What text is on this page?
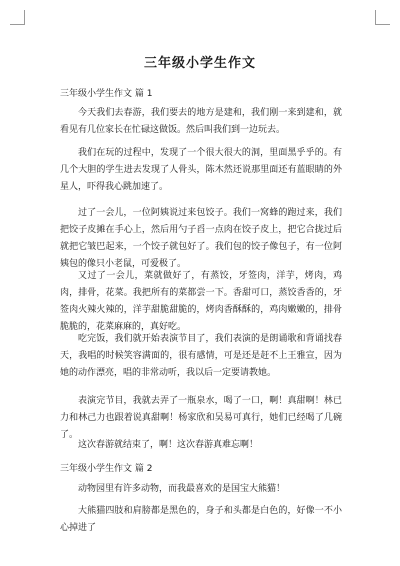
三年级小学生作文
三年级小学生作文 篇 1

今天我们去春游，我们要去的地方是建和，我们刚一来到建和，就看见有几位家长在忙碌这做饭。然后叫我们到一边玩去。

我们在玩的过程中，发现了一个很大很大的洞，里面黑乎乎的。有几个大胆的学生进去发现了人骨头，陈木然还说那里面还有蓝眼睛的外星人，吓得我心跳加速了。

过了一会儿，一位阿姨说过来包饺子。我们一窝蜂的跑过来，我们把饺子皮摊在手心上，然后用勺子舀一点肉在饺子皮上，把它合拢过后就把它皱巴起来，一个饺子就包好了。我们包的饺子像包子，有一位阿姨包的像只小老鼠，可爱极了。

又过了一会儿，菜就做好了，有蒸饺，牙签肉，洋芋，烤肉，鸡肉，排骨，花菜。我把所有的菜都尝一下。香甜可口，蒸饺香香的，牙签肉火辣火辣的，洋芋甜脆甜脆的，烤肉香酥酥的，鸡肉嫩嫩的，排骨脆脆的，花菜麻麻的，真好吃。

吃完饭，我们就开始表演节目了，我们表演的是朗诵歌和背诵找春天，我唱的时候笑容满面的，很有感情，可是还是赶不上王雅宣，因为她的动作漂亮，唱的非常动听，我以后一定要请教她。

表演完节目，我就去弄了一瓶泉水，喝了一口，啊！真甜啊！林已力和林己力也跟着说真甜啊！杨家欣和吴易可真行，她们已经喝了几碗了。

这次春游就结束了，啊！这次春游真难忘啊！

三年级小学生作文 篇 2

动物园里有许多动物，而我最喜欢的是国宝大熊猫！

大熊猫四肢和肩膀都是黑色的，身子和头都是白色的，好像一不小心掉进了
